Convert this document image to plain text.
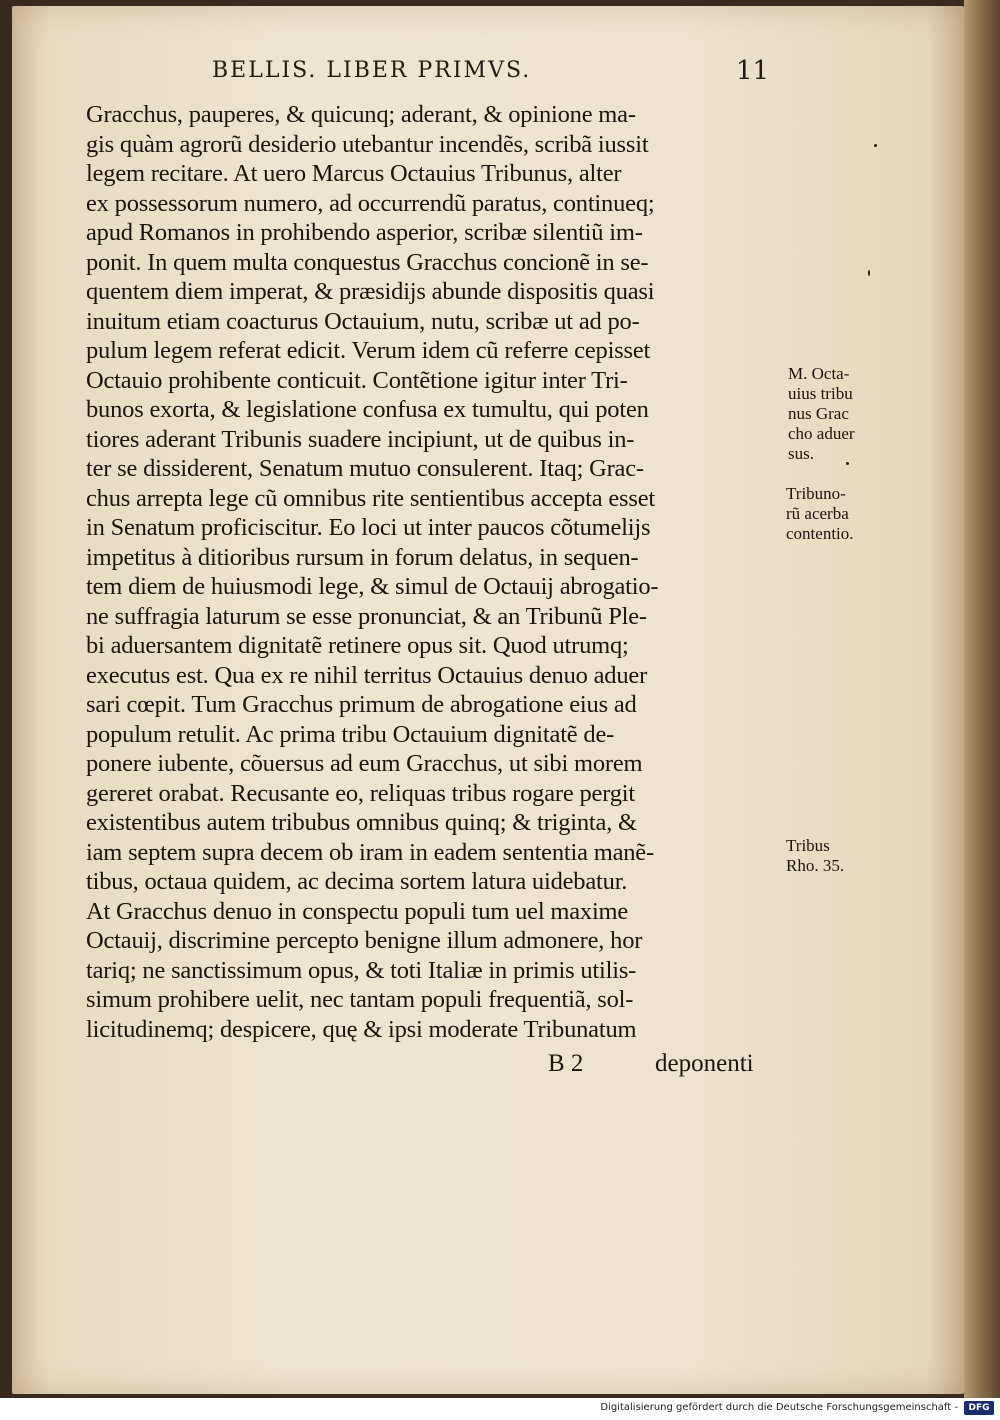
BELLIS. LIBER PRIMVS.	11
Gracchus, pauperes, & quicunq; aderant, & opinione ma-
gis quàm agrorũ desiderio utebantur incendẽs, scribã iussit
legem recitare. At uero Marcus Octauius Tribunus, alter
ex possessorum numero, ad occurrendũ paratus, continueq;
apud Romanos in prohibendo asperior, scribæ silentiũ im-
ponit. In quem multa conquestus Gracchus concionẽ in se-
quentem diem imperat, & præsidijs abunde dispositis quasi
inuitum etiam coacturus Octauium, nutu, scribæ ut ad po-
pulum legem referat edicit. Verum idem cũ referre cepisset
Octauio prohibente conticuit. Contẽtione igitur inter Tri-
bunos exorta, & legislatione confusa ex tumultu, qui poten
tiores aderant Tribunis suadere incipiunt, ut de quibus in-
ter se dissiderent, Senatum mutuo consulerent. Itaq; Grac-
chus arrepta lege cũ omnibus rite sentientibus accepta esset
in Senatum proficiscitur. Eo loci ut inter paucos cõtumelijs
impetitus à ditioribus rursum in forum delatus, in sequen-
tem diem de huiusmodi lege, & simul de Octauij abrogatio-
ne suffragia laturum se esse pronunciat, & an Tribunũ Ple-
bi aduersantem dignitatẽ retinere opus sit. Quod utrumq;
executus est. Qua ex re nihil territus Octauius denuo aduer
sari cœpit. Tum Gracchus primum de abrogatione eius ad
populum retulit. Ac prima tribu Octauium dignitatẽ de-
ponere iubente, cõuersus ad eum Gracchus, ut sibi morem
gereret orabat. Recusante eo, reliquas tribus rogare pergit
existentibus autem tribubus omnibus quinq; & triginta, &
iam septem supra decem ob iram in eadem sententia manẽ-
tibus, octaua quidem, ac decima sortem latura uidebatur.
At Gracchus denuo in conspectu populi tum uel maxime
Octauij, discrimine percepto benigne illum admonere, hor
tariq; ne sanctissimum opus, & toti Italiæ in primis utilis-
simum prohibere uelit, nec tantam populi frequentiã, sol-
licitudinemq; despicere, quę & ipsi moderate Tribunatum
M. Octa-
uius tribu
nus Grac
cho aduer
sus.
Tribuno-
rũ acerba
contentio.
Tribus
Rho. 35.
B 2	deponenti
Digitalisierung gefördert durch die Deutsche Forschungsgemeinschaft -	DFG
